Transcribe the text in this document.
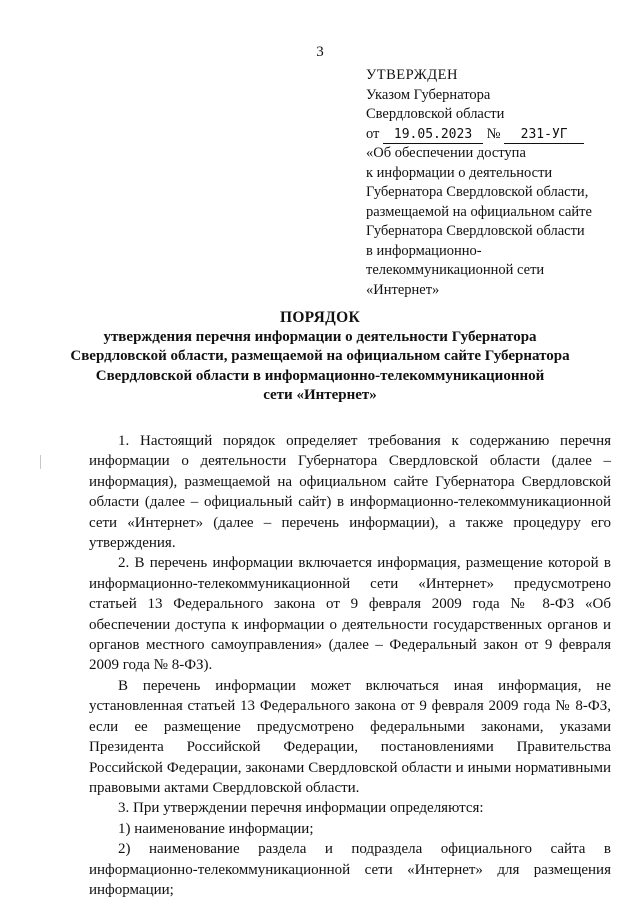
3
УТВЕРЖДЕН
Указом Губернатора
Свердловской области
от 19.05.2023 № 231-УГ
«Об обеспечении доступа
к информации о деятельности
Губернатора Свердловской области,
размещаемой на официальном сайте
Губернатора Свердловской области
в информационно-
телекоммуникационной сети
«Интернет»
ПОРЯДОК
утверждения перечня информации о деятельности Губернатора
Свердловской области, размещаемой на официальном сайте Губернатора
Свердловской области в информационно-телекоммуникационной
сети «Интернет»

1. Настоящий порядок определяет требования к содержанию перечня информации о деятельности Губернатора Свердловской области (далее – информация), размещаемой на официальном сайте Губернатора Свердловской области (далее – официальный сайт) в информационно-телекоммуникационной сети «Интернет» (далее – перечень информации), а также процедуру его утверждения.

2. В перечень информации включается информация, размещение которой в информационно-телекоммуникационной сети «Интернет» предусмотрено статьей 13 Федерального закона от 9 февраля 2009 года № 8-ФЗ «Об обеспечении доступа к информации о деятельности государственных органов и органов местного самоуправления» (далее – Федеральный закон от 9 февраля 2009 года № 8-ФЗ).

В перечень информации может включаться иная информация, не установленная статьей 13 Федерального закона от 9 февраля 2009 года № 8-ФЗ, если ее размещение предусмотрено федеральными законами, указами Президента Российской Федерации, постановлениями Правительства Российской Федерации, законами Свердловской области и иными нормативными правовыми актами Свердловской области.

3. При утверждении перечня информации определяются:

1) наименование информации;

2) наименование раздела и подраздела официального сайта в информационно-телекоммуникационной сети «Интернет» для размещения информации;
